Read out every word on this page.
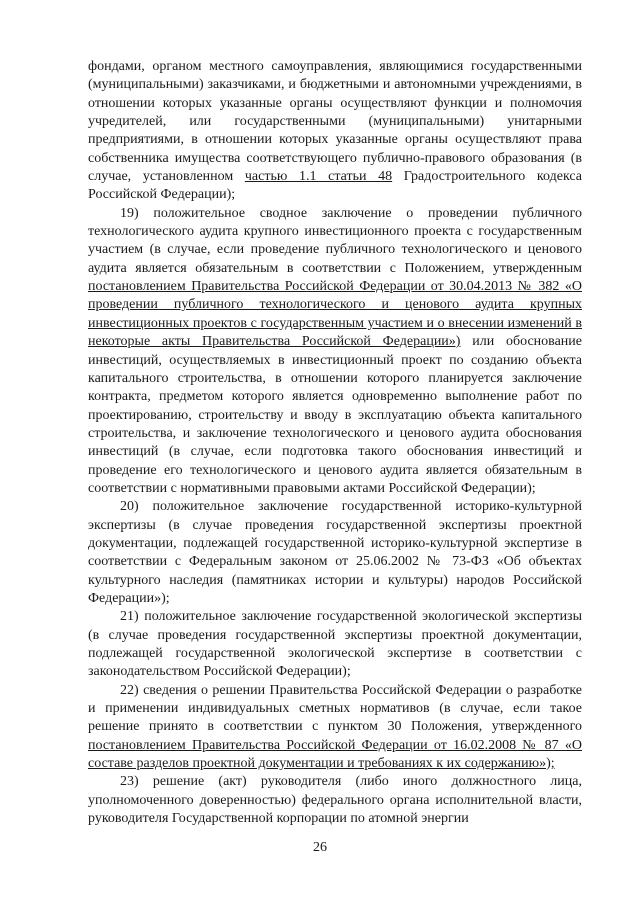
фондами, органом местного самоуправления, являющимися государственными (муниципальными) заказчиками, и бюджетными и автономными учреждениями, в отношении которых указанные органы осуществляют функции и полномочия учредителей, или государственными (муниципальными) унитарными предприятиями, в отношении которых указанные органы осуществляют права собственника имущества соответствующего публично-правового образования (в случае, установленном частью 1.1 статьи 48 Градостроительного кодекса Российской Федерации);

19) положительное сводное заключение о проведении публичного технологического аудита крупного инвестиционного проекта с государственным участием (в случае, если проведение публичного технологического и ценового аудита является обязательным в соответствии с Положением, утвержденным постановлением Правительства Российской Федерации от 30.04.2013 № 382 «О проведении публичного технологического и ценового аудита крупных инвестиционных проектов с государственным участием и о внесении изменений в некоторые акты Правительства Российской Федерации») или обоснование инвестиций, осуществляемых в инвестиционный проект по созданию объекта капитального строительства, в отношении которого планируется заключение контракта, предметом которого является одновременно выполнение работ по проектированию, строительству и вводу в эксплуатацию объекта капитального строительства, и заключение технологического и ценового аудита обоснования инвестиций (в случае, если подготовка такого обоснования инвестиций и проведение его технологического и ценового аудита является обязательным в соответствии с нормативными правовыми актами Российской Федерации);

20) положительное заключение государственной историко-культурной экспертизы (в случае проведения государственной экспертизы проектной документации, подлежащей государственной историко-культурной экспертизе в соответствии с Федеральным законом от 25.06.2002 № 73-ФЗ «Об объектах культурного наследия (памятниках истории и культуры) народов Российской Федерации»);

21) положительное заключение государственной экологической экспертизы (в случае проведения государственной экспертизы проектной документации, подлежащей государственной экологической экспертизе в соответствии с законодательством Российской Федерации);

22) сведения о решении Правительства Российской Федерации о разработке и применении индивидуальных сметных нормативов (в случае, если такое решение принято в соответствии с пунктом 30 Положения, утвержденного постановлением Правительства Российской Федерации от 16.02.2008 № 87 «О составе разделов проектной документации и требованиях к их содержанию»);

23) решение (акт) руководителя (либо иного должностного лица, уполномоченного доверенностью) федерального органа исполнительной власти, руководителя Государственной корпорации по атомной энергии

26
